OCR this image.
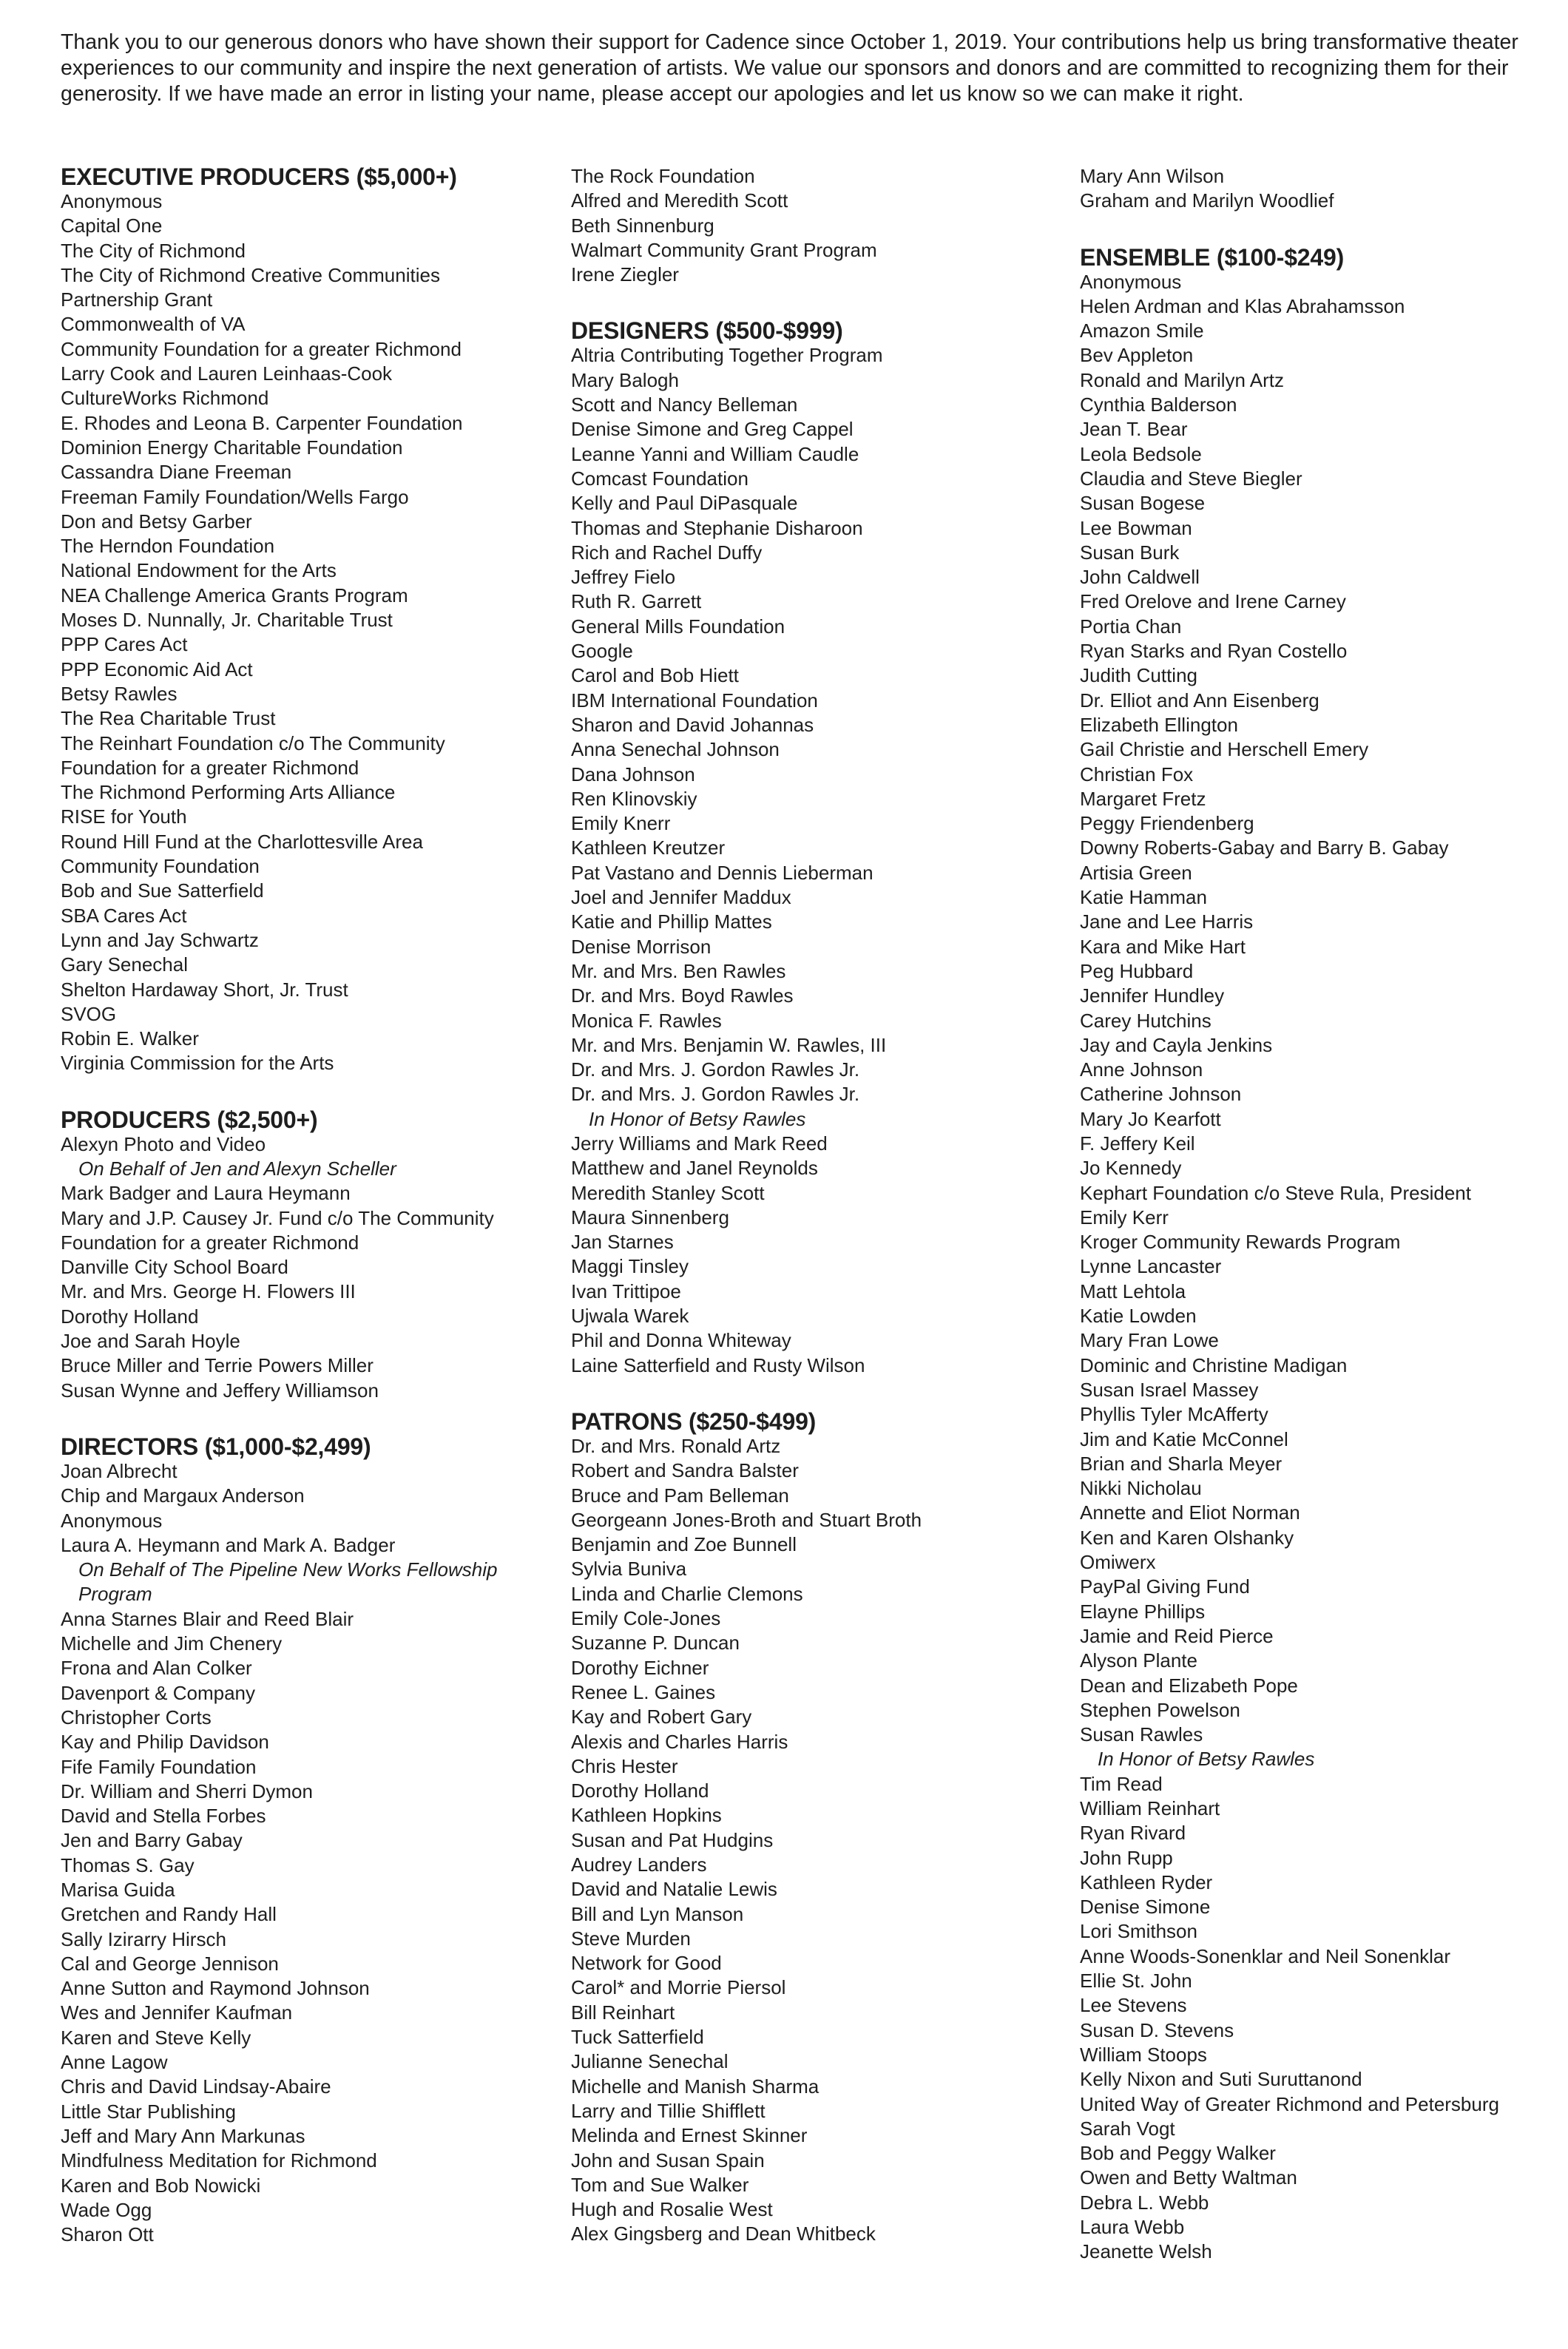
Thank you to our generous donors who have shown their support for Cadence since October 1, 2019. Your contributions help us bring transformative theater experiences to our community and inspire the next generation of artists. We value our sponsors and donors and are committed to recognizing them for their generosity. If we have made an error in listing your name, please accept our apologies and let us know so we can make it right.

EXECUTIVE PRODUCERS ($5,000+)
Anonymous
Capital One
The City of Richmond
The City of Richmond Creative Communities
Partnership Grant
Commonwealth of VA
Community Foundation for a greater Richmond
Larry Cook and Lauren Leinhaas-Cook
CultureWorks Richmond
E. Rhodes and Leona B. Carpenter Foundation
Dominion Energy Charitable Foundation
Cassandra Diane Freeman
Freeman Family Foundation/Wells Fargo
Don and Betsy Garber
The Herndon Foundation
National Endowment for the Arts
NEA Challenge America Grants Program
Moses D. Nunnally, Jr. Charitable Trust
PPP Cares Act
PPP Economic Aid Act
Betsy Rawles
The Rea Charitable Trust
The Reinhart Foundation c/o The Community
Foundation for a greater Richmond
The Richmond Performing Arts Alliance
RISE for Youth
Round Hill Fund at the Charlottesville Area
Community Foundation
Bob and Sue Satterfield
SBA Cares Act
Lynn and Jay Schwartz
Gary Senechal
Shelton Hardaway Short, Jr. Trust
SVOG
Robin E. Walker
Virginia Commission for the Arts
PRODUCERS ($2,500+)
Alexyn Photo and Video
On Behalf of Jen and Alexyn Scheller
Mark Badger and Laura Heymann
Mary and J.P. Causey Jr. Fund c/o The Community
Foundation for a greater Richmond
Danville City School Board
Mr. and Mrs. George H. Flowers III
Dorothy Holland
Joe and Sarah Hoyle
Bruce Miller and Terrie Powers Miller
Susan Wynne and Jeffery Williamson
DIRECTORS ($1,000-$2,499)
Joan Albrecht
Chip and Margaux Anderson
Anonymous
Laura A. Heymann and Mark A. Badger
On Behalf of The Pipeline New Works Fellowship Program
Anna Starnes Blair and Reed Blair
Michelle and Jim Chenery
Frona and Alan Colker
Davenport & Company
Christopher Corts
Kay and Philip Davidson
Fife Family Foundation
Dr. William and Sherri Dymon
David and Stella Forbes
Jen and Barry Gabay
Thomas S. Gay
Marisa Guida
Gretchen and Randy Hall
Sally Izirarry Hirsch
Cal and George Jennison
Anne Sutton and Raymond Johnson
Wes and Jennifer Kaufman
Karen and Steve Kelly
Anne Lagow
Chris and David Lindsay-Abaire
Little Star Publishing
Jeff and Mary Ann Markunas
Mindfulness Meditation for Richmond
Karen and Bob Nowicki
Wade Ogg
Sharon Ott
The Rock Foundation
Alfred and Meredith Scott
Beth Sinnenburg
Walmart Community Grant Program
Irene Ziegler
DESIGNERS ($500-$999)
Altria Contributing Together Program
Mary Balogh
Scott and Nancy Belleman
Denise Simone and Greg Cappel
Leanne Yanni and William Caudle
Comcast Foundation
Kelly and Paul DiPasquale
Thomas and Stephanie Disharoon
Rich and Rachel Duffy
Jeffrey Fielo
Ruth R. Garrett
General Mills Foundation
Google
Carol and Bob Hiett
IBM International Foundation
Sharon and David Johannas
Anna Senechal Johnson
Dana Johnson
Ren Klinovskiy
Emily Knerr
Kathleen Kreutzer
Pat Vastano and Dennis Lieberman
Joel and Jennifer Maddux
Katie and Phillip Mattes
Denise Morrison
Mr. and Mrs. Ben Rawles
Dr. and Mrs. Boyd Rawles
Monica F. Rawles
Mr. and Mrs. Benjamin W. Rawles, III
Dr. and Mrs. J. Gordon Rawles Jr.
Dr. and Mrs. J. Gordon Rawles Jr.
In Honor of Betsy Rawles
Jerry Williams and Mark Reed
Matthew and Janel Reynolds
Meredith Stanley Scott
Maura Sinnenberg
Jan Starnes
Maggi Tinsley
Ivan Trittipoe
Ujwala Warek
Phil and Donna Whiteway
Laine Satterfield and Rusty Wilson
PATRONS ($250-$499)
Dr. and Mrs. Ronald Artz
Robert and Sandra Balster
Bruce and Pam Belleman
Georgeann Jones-Broth and Stuart Broth
Benjamin and Zoe Bunnell
Sylvia Buniva
Linda and Charlie Clemons
Emily Cole-Jones
Suzanne P. Duncan
Dorothy Eichner
Renee L. Gaines
Kay and Robert Gary
Alexis and Charles Harris
Chris Hester
Dorothy Holland
Kathleen Hopkins
Susan and Pat Hudgins
Audrey Landers
David and Natalie Lewis
Bill and Lyn Manson
Steve Murden
Network for Good
Carol* and Morrie Piersol
Bill Reinhart
Tuck Satterfield
Julianne Senechal
Michelle and Manish Sharma
Larry and Tillie Shifflett
Melinda and Ernest Skinner
John and Susan Spain
Tom and Sue Walker
Hugh and Rosalie West
Alex Gingsberg and Dean Whitbeck
Mary Ann Wilson
Graham and Marilyn Woodlief
ENSEMBLE ($100-$249)
Anonymous
Helen Ardman and Klas Abrahamsson
Amazon Smile
Bev Appleton
Ronald and Marilyn Artz
Cynthia Balderson
Jean T. Bear
Leola Bedsole
Claudia and Steve Biegler
Susan Bogese
Lee Bowman
Susan Burk
John Caldwell
Fred Orelove and Irene Carney
Portia Chan
Ryan Starks and Ryan Costello
Judith Cutting
Dr. Elliot and Ann Eisenberg
Elizabeth Ellington
Gail Christie and Herschell Emery
Christian Fox
Margaret Fretz
Peggy Friendenberg
Downy Roberts-Gabay and Barry B. Gabay
Artisia Green
Katie Hamman
Jane and Lee Harris
Kara and Mike Hart
Peg Hubbard
Jennifer Hundley
Carey Hutchins
Jay and Cayla Jenkins
Anne Johnson
Catherine Johnson
Mary Jo Kearfott
F. Jeffery Keil
Jo Kennedy
Kephart Foundation c/o Steve Rula, President
Emily Kerr
Kroger Community Rewards Program
Lynne Lancaster
Matt Lehtola
Katie Lowden
Mary Fran Lowe
Dominic and Christine Madigan
Susan Israel Massey
Phyllis Tyler McAfferty
Jim and Katie McConnel
Brian and Sharla Meyer
Nikki Nicholau
Annette and Eliot Norman
Ken and Karen Olshanky
Omiwerx
PayPal Giving Fund
Elayne Phillips
Jamie and Reid Pierce
Alyson Plante
Dean and Elizabeth Pope
Stephen Powelson
Susan Rawles
In Honor of Betsy Rawles
Tim Read
William Reinhart
Ryan Rivard
John Rupp
Kathleen Ryder
Denise Simone
Lori Smithson
Anne Woods-Sonenklar and Neil Sonenklar
Ellie St. John
Lee Stevens
Susan D. Stevens
William Stoops
Kelly Nixon and Suti Suruttanond
United Way of Greater Richmond and Petersburg
Sarah Vogt
Bob and Peggy Walker
Owen and Betty Waltman
Debra L. Webb
Laura Webb
Jeanette Welsh
